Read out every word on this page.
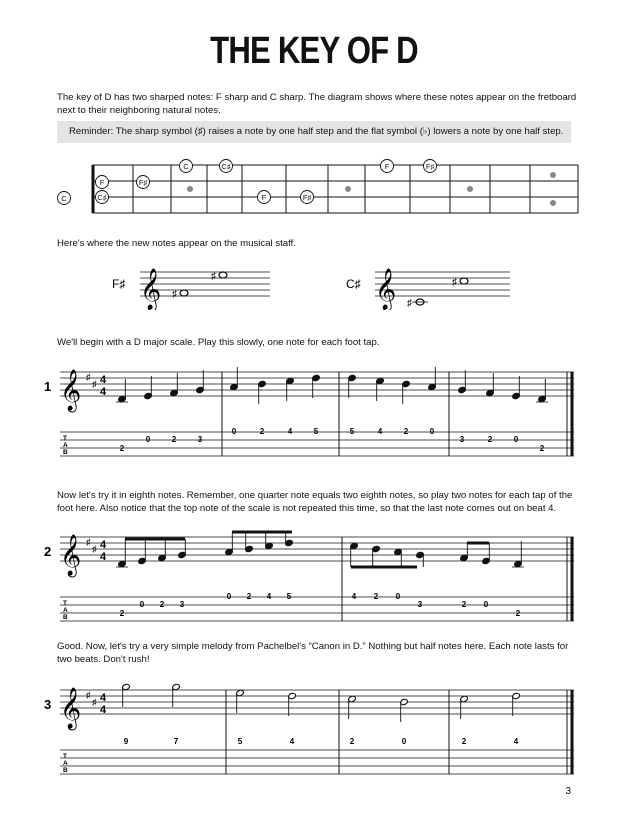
THE KEY OF D
The key of D has two sharped notes: F sharp and C sharp. The diagram shows where these notes appear on the fretboard next to their neighboring natural notes.
Reminder: The sharp symbol (♯) raises a note by one half step and the flat symbol (♭) lowers a note by one half step.
C
F	F♯
C♯
C	C♯
F	F♯
F	F♯
Here's where the new notes appear on the musical staff.
F♯ 𝄞 ♯
♯
C♯ 𝄞 ♯
♯
We'll begin with a D major scale. Play this slowly, one note for each foot tap.
1 𝄞 ♯
♯ 4
4
T
A
B	2
0	2	3
0	2	4	5	5	4	2	0
3	2	0
2
Now let's try it in eighth notes. Remember, one quarter note equals two eighth notes, so play two notes for each tap of the foot here. Also notice that the top note of the scale is not repeated this time, so that the last note comes out on beat 4.
2 𝄞 ♯
♯ 4
4
T
A
B	2
0 2 3
0 2 4 5	4 2 0
3	2 0
2
Good. Now, let's try a very simple melody from Pachelbel's “Canon in D.” Nothing but half notes here. Each note lasts for two beats. Don't rush!
3 𝄞 ♯
♯ 4
4
T
A
B
9	7	5	4	2	0	2	4
3
